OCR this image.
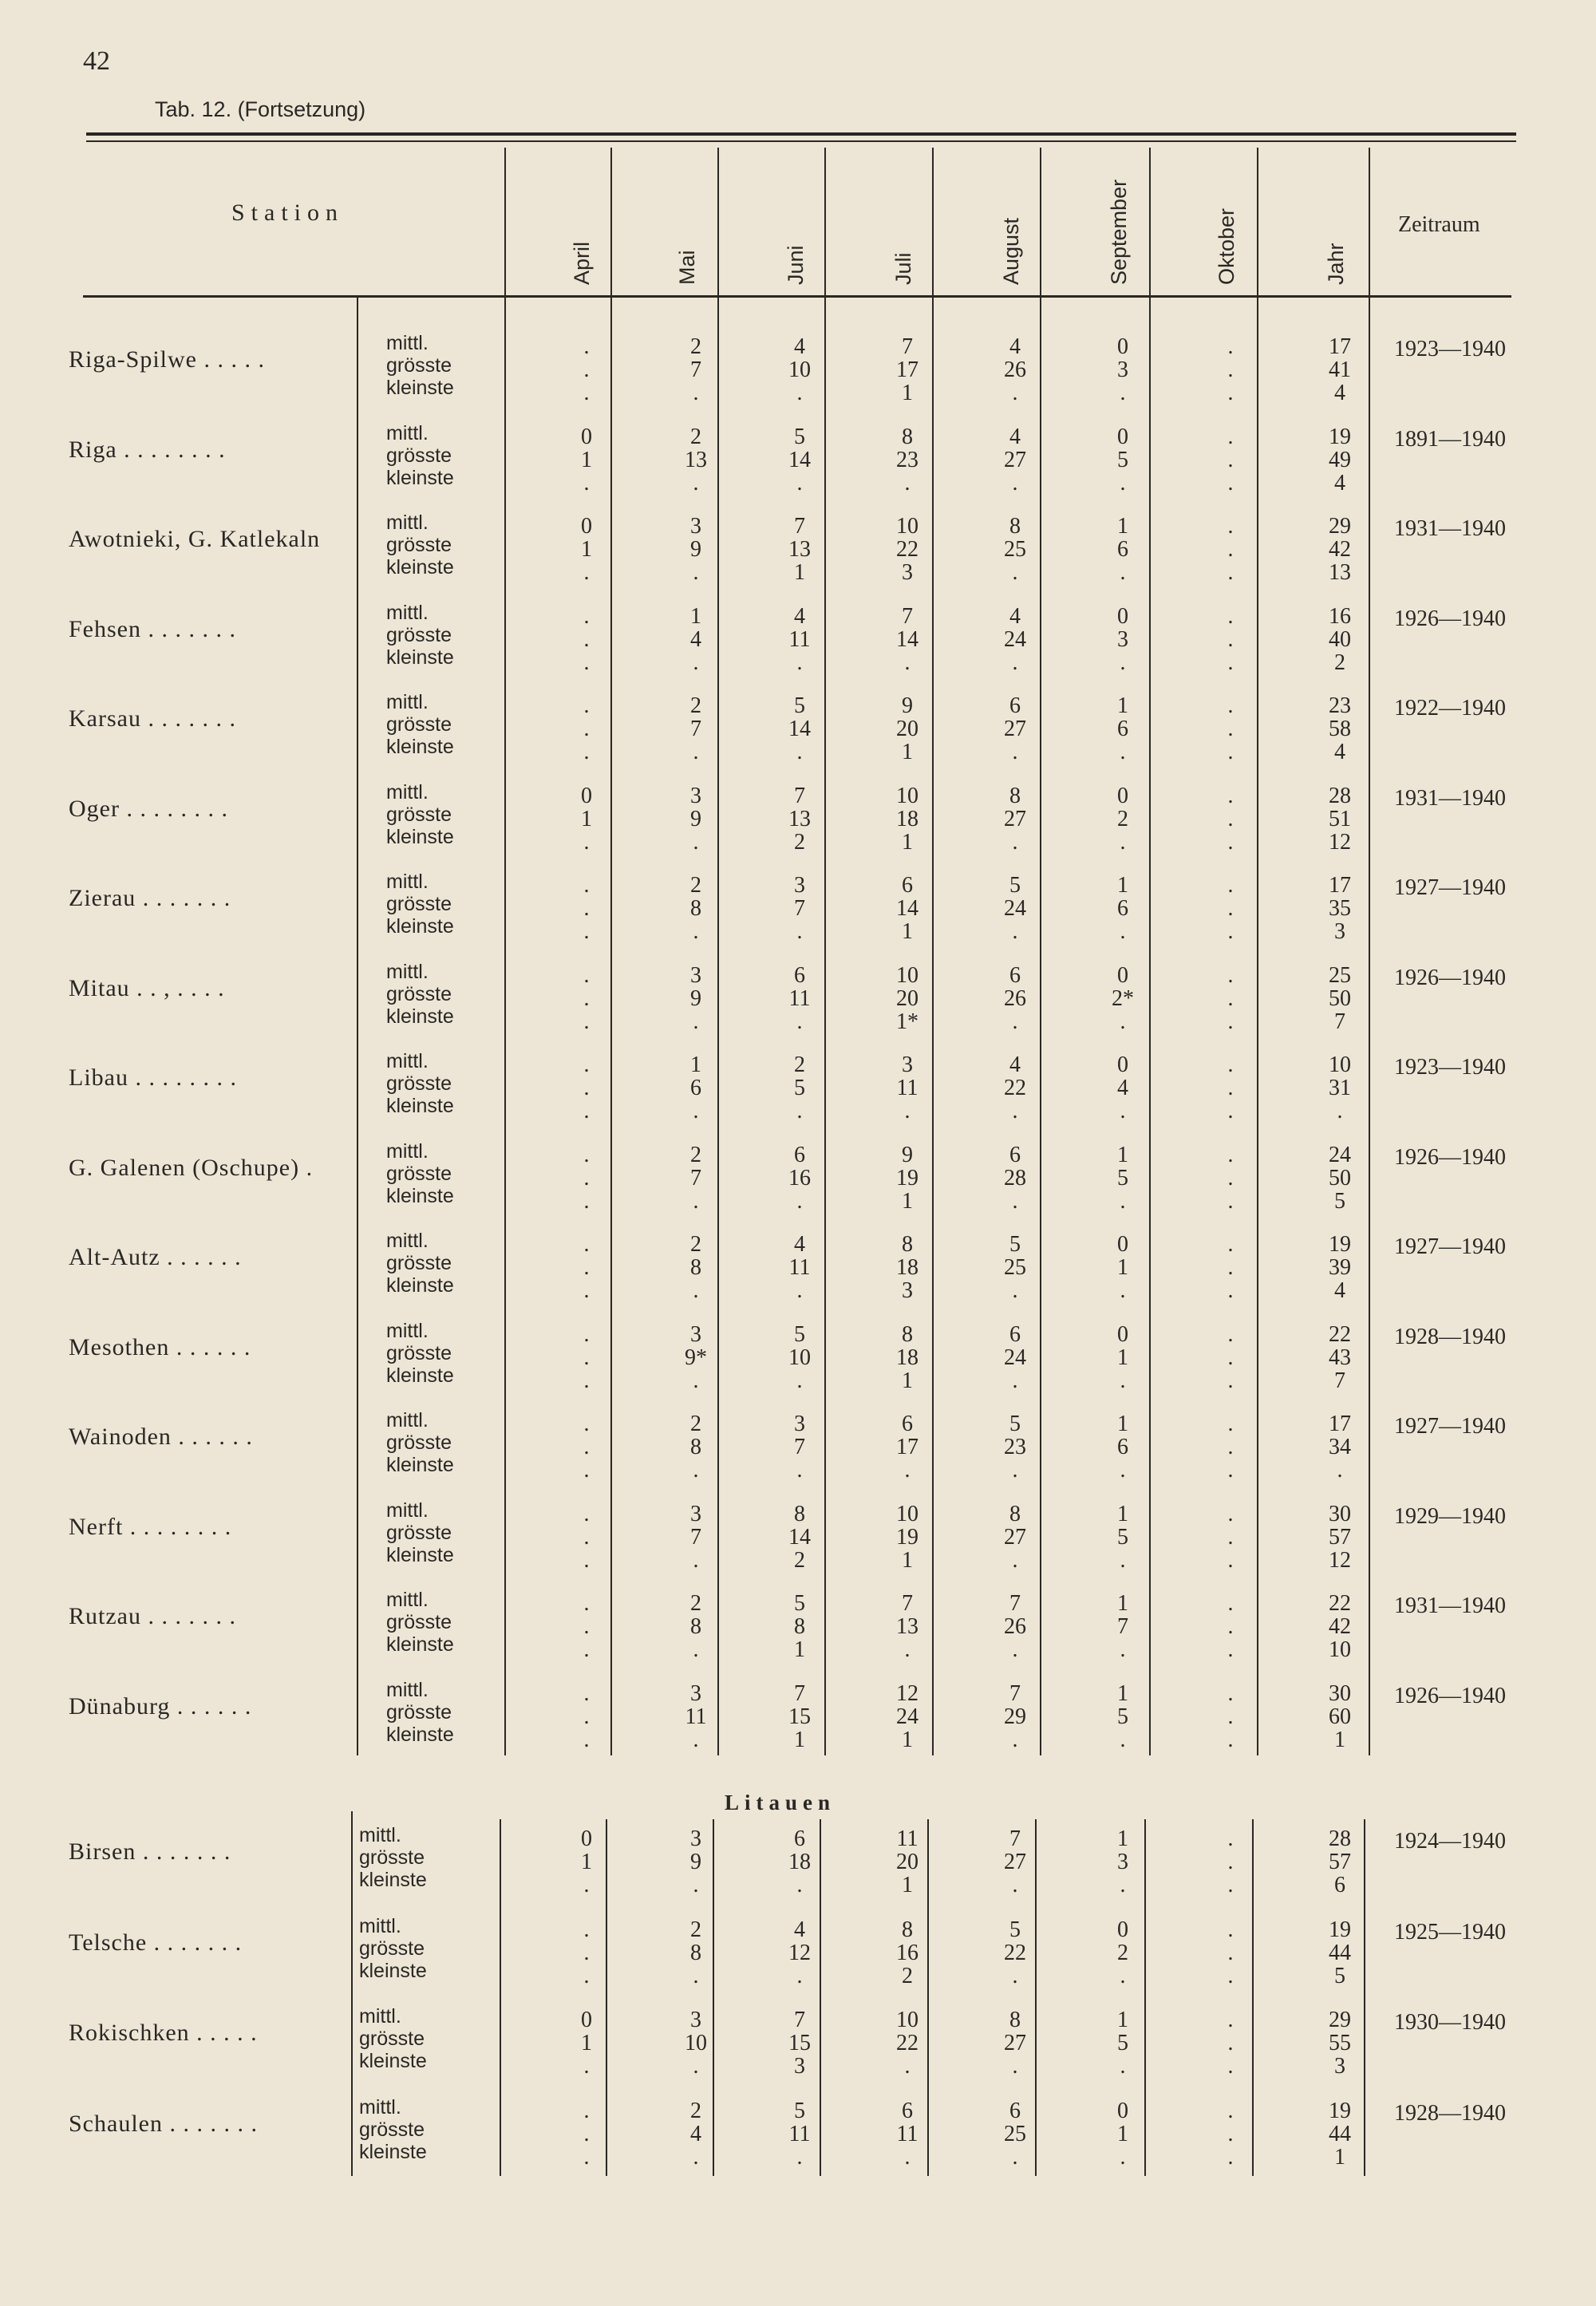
42
Tab. 12. (Fortsetzung)
Station	Zeitraum
Litauen
April	Mai	Juni	Juli	August	September	Oktober	Jahr
Riga-Spilwe . . . . .	1923—1940
mittl.	.	2	4	7	4	0	.	17
grösste	.	7	10	17	26	3	.	41
kleinste	.	.	.	1	.	.	.	4
Riga . . . . . . . .	1891—1940
mittl.	0	2	5	8	4	0	.	19
grösste	1	13	14	23	27	5	.	49
kleinste	.	.	.	.	.	.	.	4
Awotnieki, G. Katlekaln	1931—1940
mittl.	0	3	7	10	8	1	.	29
grösste	1	9	13	22	25	6	.	42
kleinste	.	.	1	3	.	.	.	13
Fehsen . . . . . . .	1926—1940
mittl.	.	1	4	7	4	0	.	16
grösste	.	4	11	14	24	3	.	40
kleinste	.	.	.	.	.	.	.	2
Karsau . . . . . . .	1922—1940
mittl.	.	2	5	9	6	1	.	23
grösste	.	7	14	20	27	6	.	58
kleinste	.	.	.	1	.	.	.	4
Oger . . . . . . . .	1931—1940
mittl.	0	3	7	10	8	0	.	28
grösste	1	9	13	18	27	2	.	51
kleinste	.	.	2	1	.	.	.	12
Zierau . . . . . . .	1927—1940
mittl.	.	2	3	6	5	1	.	17
grösste	.	8	7	14	24	6	.	35
kleinste	.	.	.	1	.	.	.	3
Mitau . . , . . . .	1926—1940
mittl.	.	3	6	10	6	0	.	25
grösste	.	9	11	20	26	2*	.	50
kleinste	.	.	.	1*	.	.	.	7
Libau . . . . . . . .	1923—1940
mittl.	.	1	2	3	4	0	.	10
grösste	.	6	5	11	22	4	.	31
kleinste	.	.	.	.	.	.	.	.
G. Galenen (Oschupe) .	1926—1940
mittl.	.	2	6	9	6	1	.	24
grösste	.	7	16	19	28	5	.	50
kleinste	.	.	.	1	.	.	.	5
Alt-Autz . . . . . .	1927—1940
mittl.	.	2	4	8	5	0	.	19
grösste	.	8	11	18	25	1	.	39
kleinste	.	.	.	3	.	.	.	4
Mesothen . . . . . .	1928—1940
mittl.	.	3	5	8	6	0	.	22
grösste	.	9*	10	18	24	1	.	43
kleinste	.	.	.	1	.	.	.	7
Wainoden . . . . . .	1927—1940
mittl.	.	2	3	6	5	1	.	17
grösste	.	8	7	17	23	6	.	34
kleinste	.	.	.	.	.	.	.	.
Nerft . . . . . . . .	1929—1940
mittl.	.	3	8	10	8	1	.	30
grösste	.	7	14	19	27	5	.	57
kleinste	.	.	2	1	.	.	.	12
Rutzau . . . . . . .	1931—1940
mittl.	.	2	5	7	7	1	.	22
grösste	.	8	8	13	26	7	.	42
kleinste	.	.	1	.	.	.	.	10
Dünaburg . . . . . .	1926—1940
mittl.	.	3	7	12	7	1	.	30
grösste	.	11	15	24	29	5	.	60
kleinste	.	.	1	1	.	.	.	1
Birsen . . . . . . .	1924—1940
mittl.	0	3	6	11	7	1	.	28
grösste	1	9	18	20	27	3	.	57
kleinste	.	.	.	1	.	.	.	6
Telsche . . . . . . .	1925—1940
mittl.	.	2	4	8	5	0	.	19
grösste	.	8	12	16	22	2	.	44
kleinste	.	.	.	2	.	.	.	5
Rokischken . . . . .	1930—1940
mittl.	0	3	7	10	8	1	.	29
grösste	1	10	15	22	27	5	.	55
kleinste	.	.	3	.	.	.	.	3
Schaulen . . . . . . .	1928—1940
mittl.	.	2	5	6	6	0	.	19
grösste	.	4	11	11	25	1	.	44
kleinste	.	.	.	.	.	.	.	1
